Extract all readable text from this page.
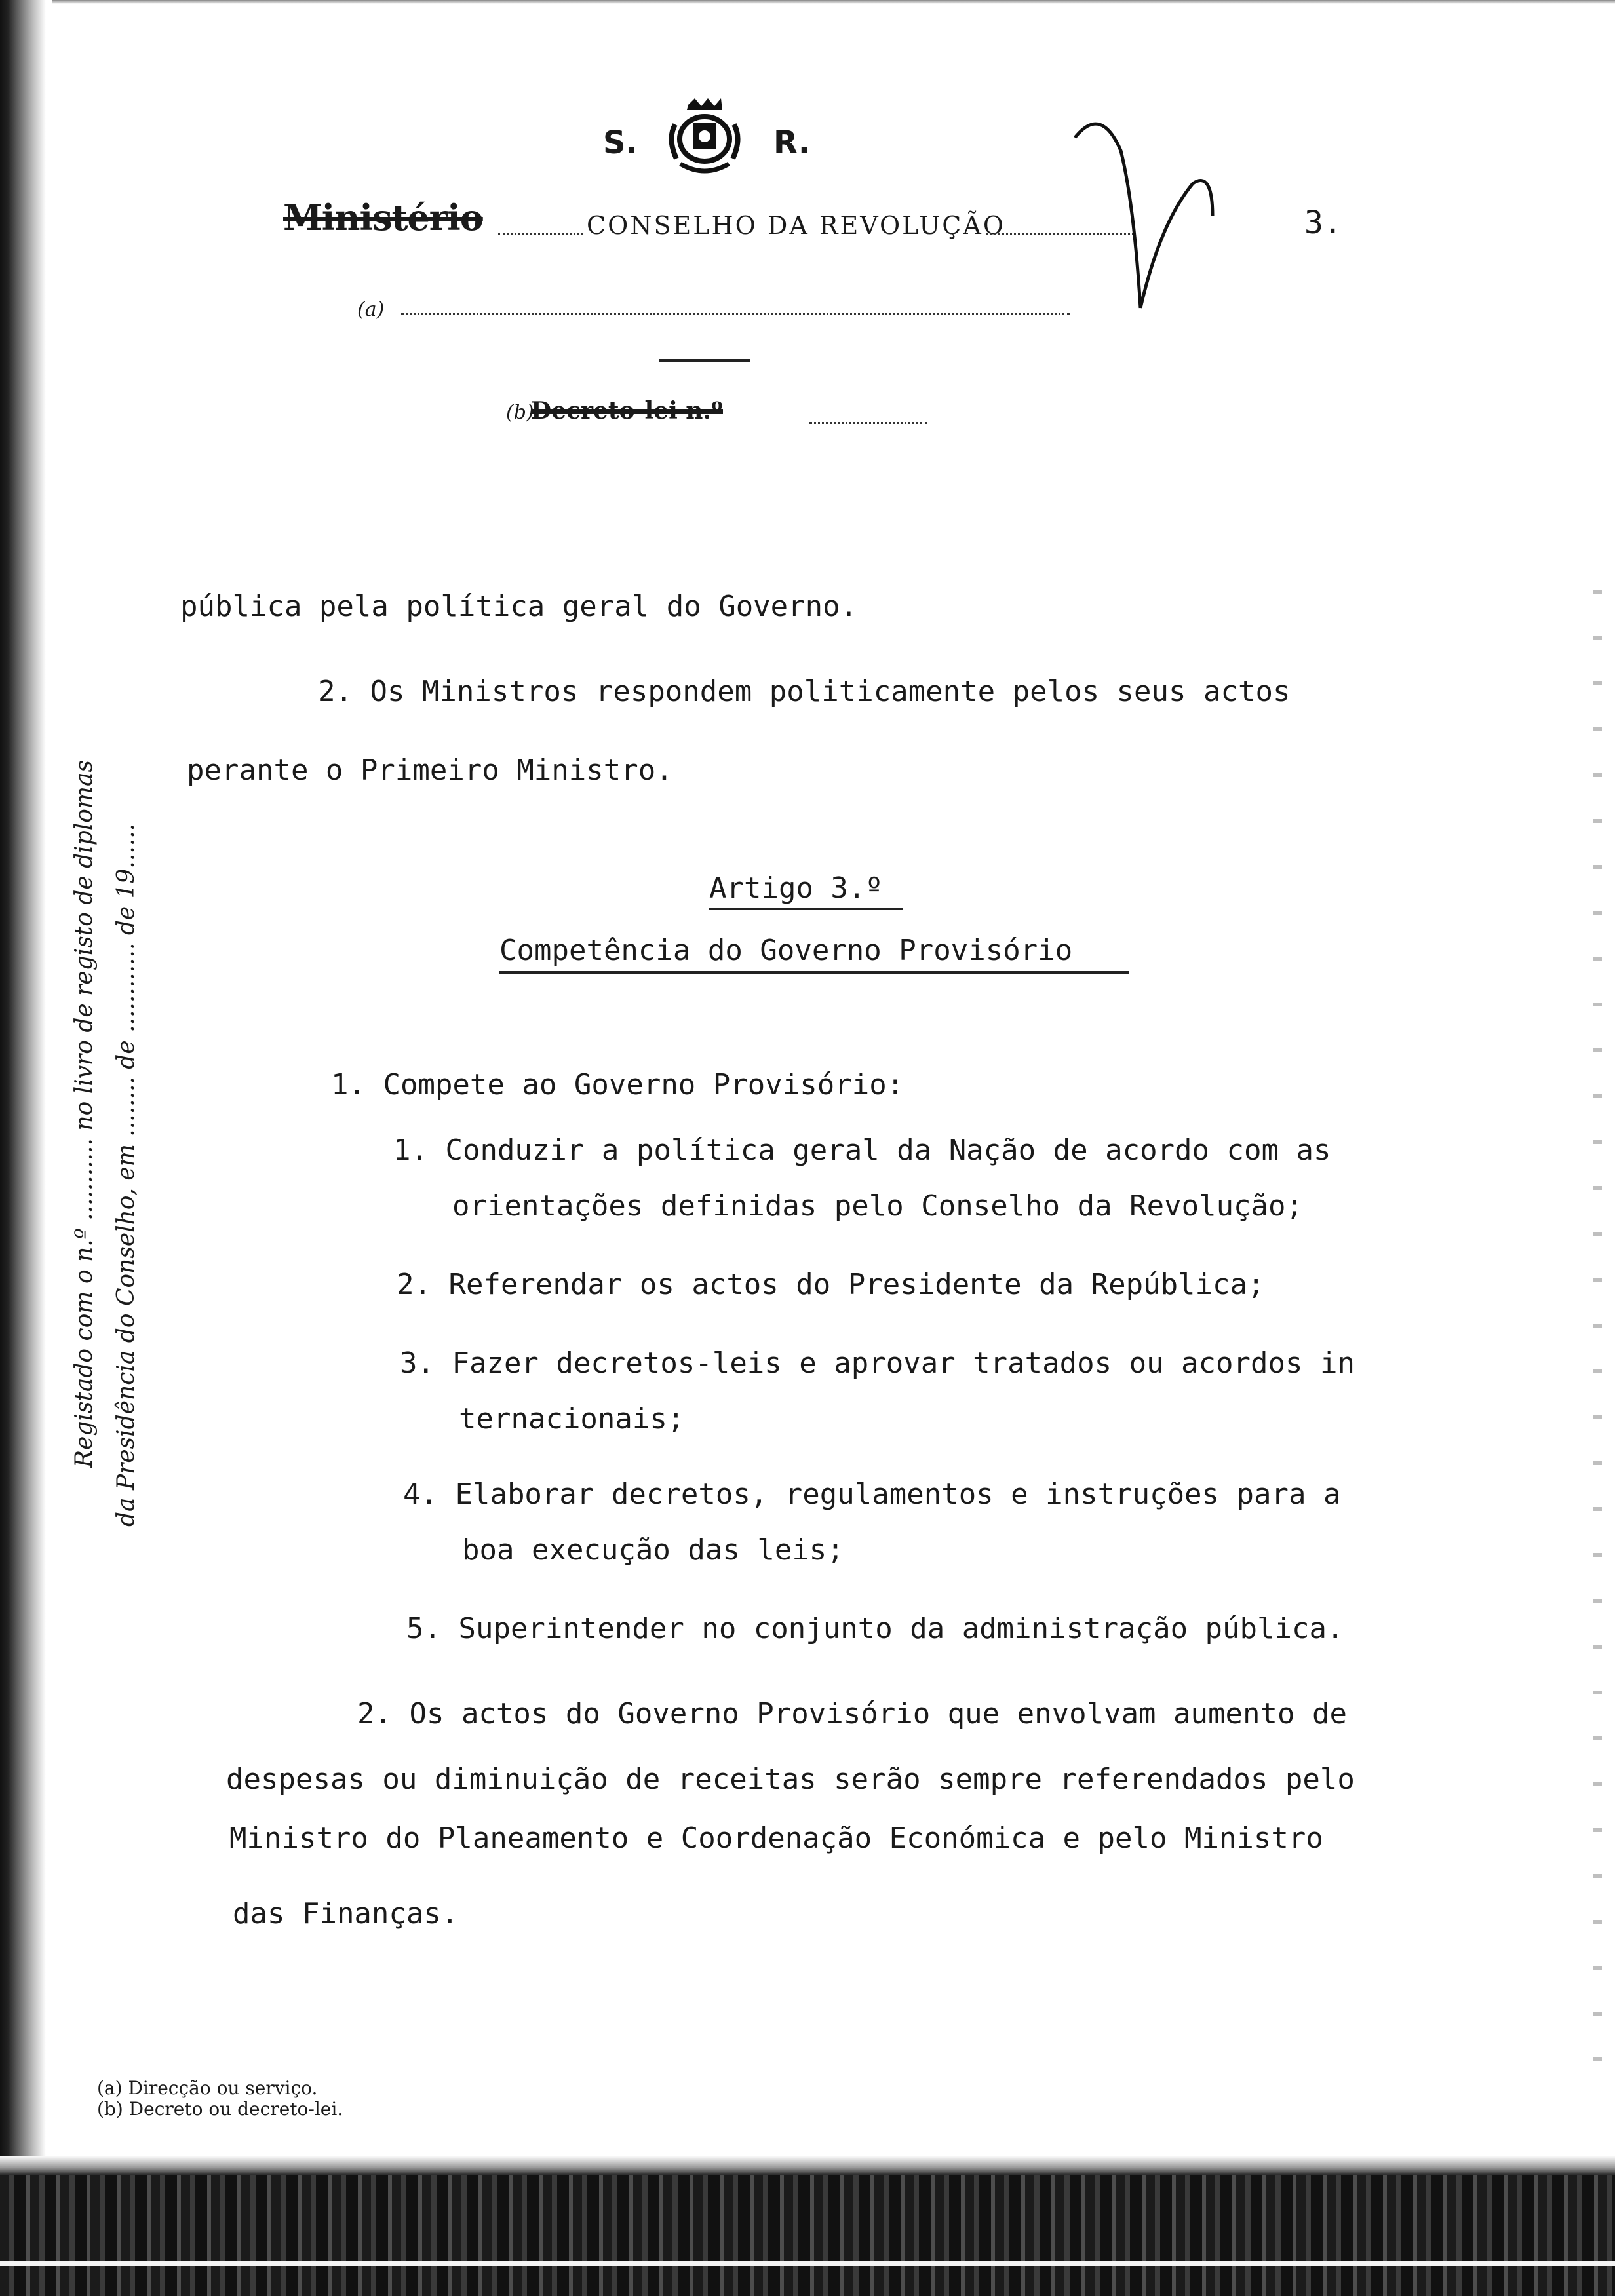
S.	R.
Ministério	CONSELHO DA REVOLUÇÃO	3.
(a)
(b)
Decreto-lei n.º
pública pela política geral do Governo.
2. Os Ministros respondem politicamente pelos seus actos
perante o Primeiro Ministro.
Artigo 3.º
Competência do Governo Provisório
1. Compete ao Governo Provisório:
1. Conduzir a política geral da Nação de acordo com as
orientações definidas pelo Conselho da Revolução;
2. Referendar os actos do Presidente da República;
3. Fazer decretos-leis e aprovar tratados ou acordos in
ternacionais;
4. Elaborar decretos, regulamentos e instruções para a
boa execução das leis;
5. Superintender no conjunto da administração pública.
2. Os actos do Governo Provisório que envolvam aumento de
despesas ou diminuição de receitas serão sempre referendados pelo
Ministro do Planeamento e Coordenação Económica e pelo Ministro
das Finanças.
Registado com o n.º ........... no livro de registo de diplomas da Presidência do Conselho, em ........ de ............ de 19......
(a) Direcção ou serviço.
(b) Decreto ou decreto-lei.
